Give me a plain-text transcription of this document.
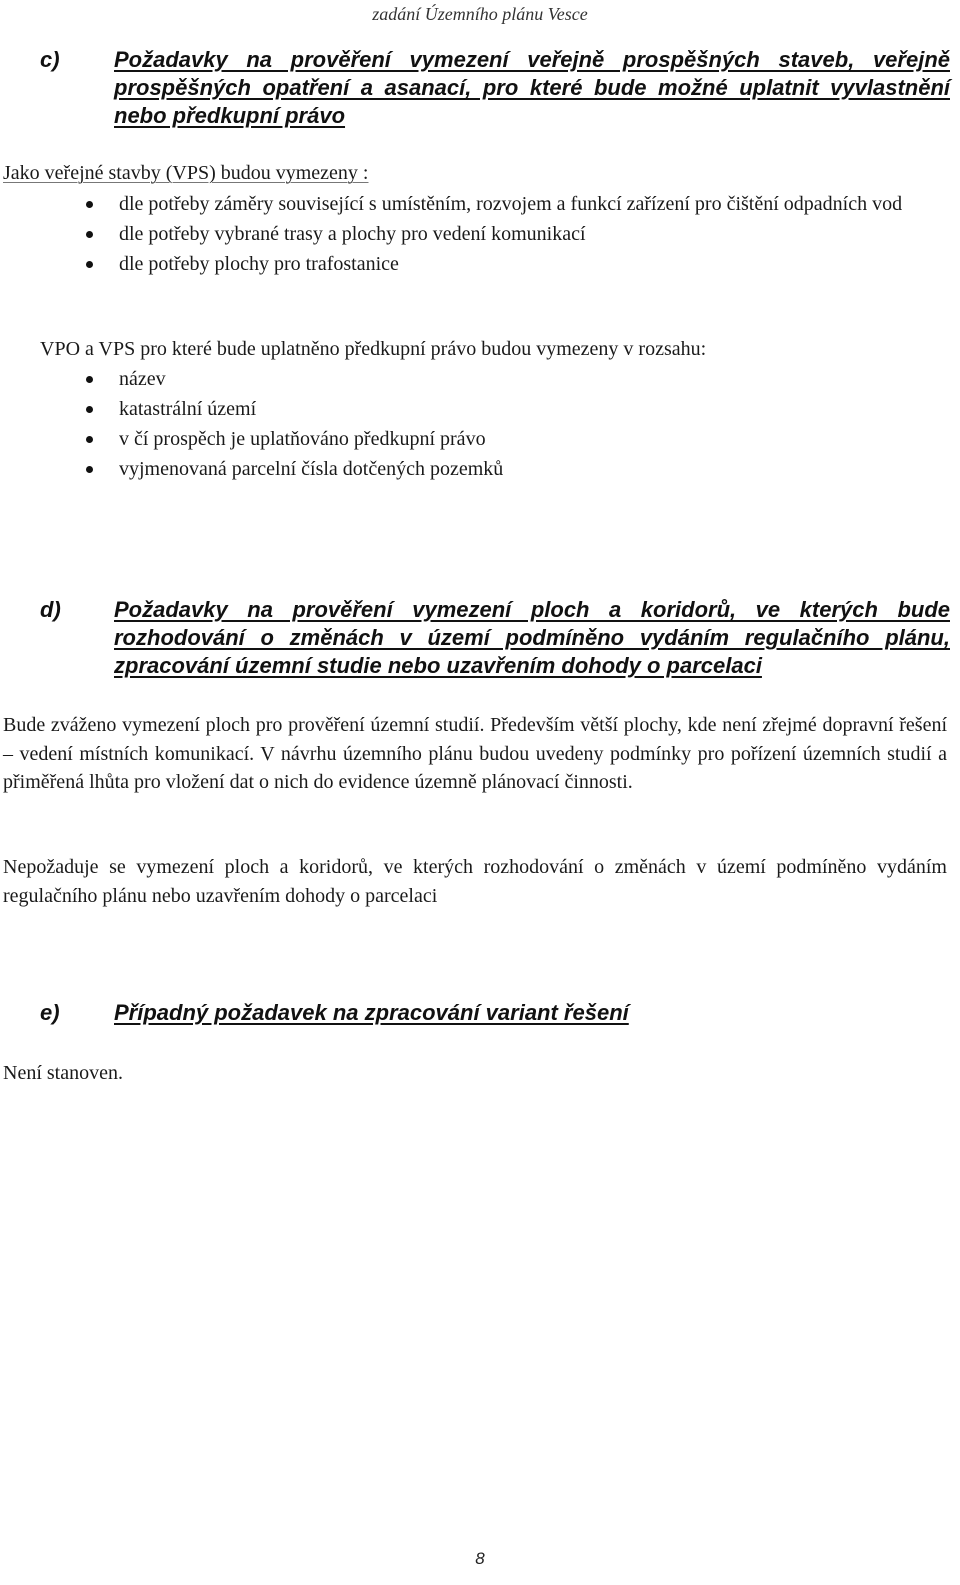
zadání Územního plánu Vesce
c) Požadavky na prověření vymezení veřejně prospěšných staveb, veřejně prospěšných opatření a asanací, pro které bude možné uplatnit vyvlastnění nebo předkupní právo
Jako veřejné stavby (VPS) budou vymezeny :
dle potřeby záměry související s umístěním, rozvojem a funkcí zařízení pro čištění odpadních vod
dle potřeby vybrané trasy a plochy pro vedení komunikací
dle potřeby plochy pro trafostanice
VPO a VPS pro které bude uplatněno předkupní právo budou vymezeny v rozsahu:
název
katastrální území
v čí prospěch je uplatňováno předkupní právo
vyjmenovaná parcelní čísla dotčených pozemků
d) Požadavky na prověření vymezení ploch a koridorů, ve kterých bude rozhodování o změnách v území podmíněno vydáním regulačního plánu, zpracování územní studie nebo uzavřením dohody o parcelaci
Bude zváženo vymezení ploch pro prověření územní studií. Především větší plochy, kde není zřejmé dopravní řešení – vedení místních komunikací. V návrhu územního plánu budou uvedeny podmínky pro pořízení územních studií a přiměřená lhůta pro vložení dat o nich do evidence územně plánovací činnosti.
Nepožaduje se vymezení ploch a koridorů, ve kterých rozhodování o změnách v území podmíněno vydáním regulačního plánu nebo uzavřením dohody o parcelaci
e) Případný požadavek na zpracování variant řešení
Není stanoven.
8
